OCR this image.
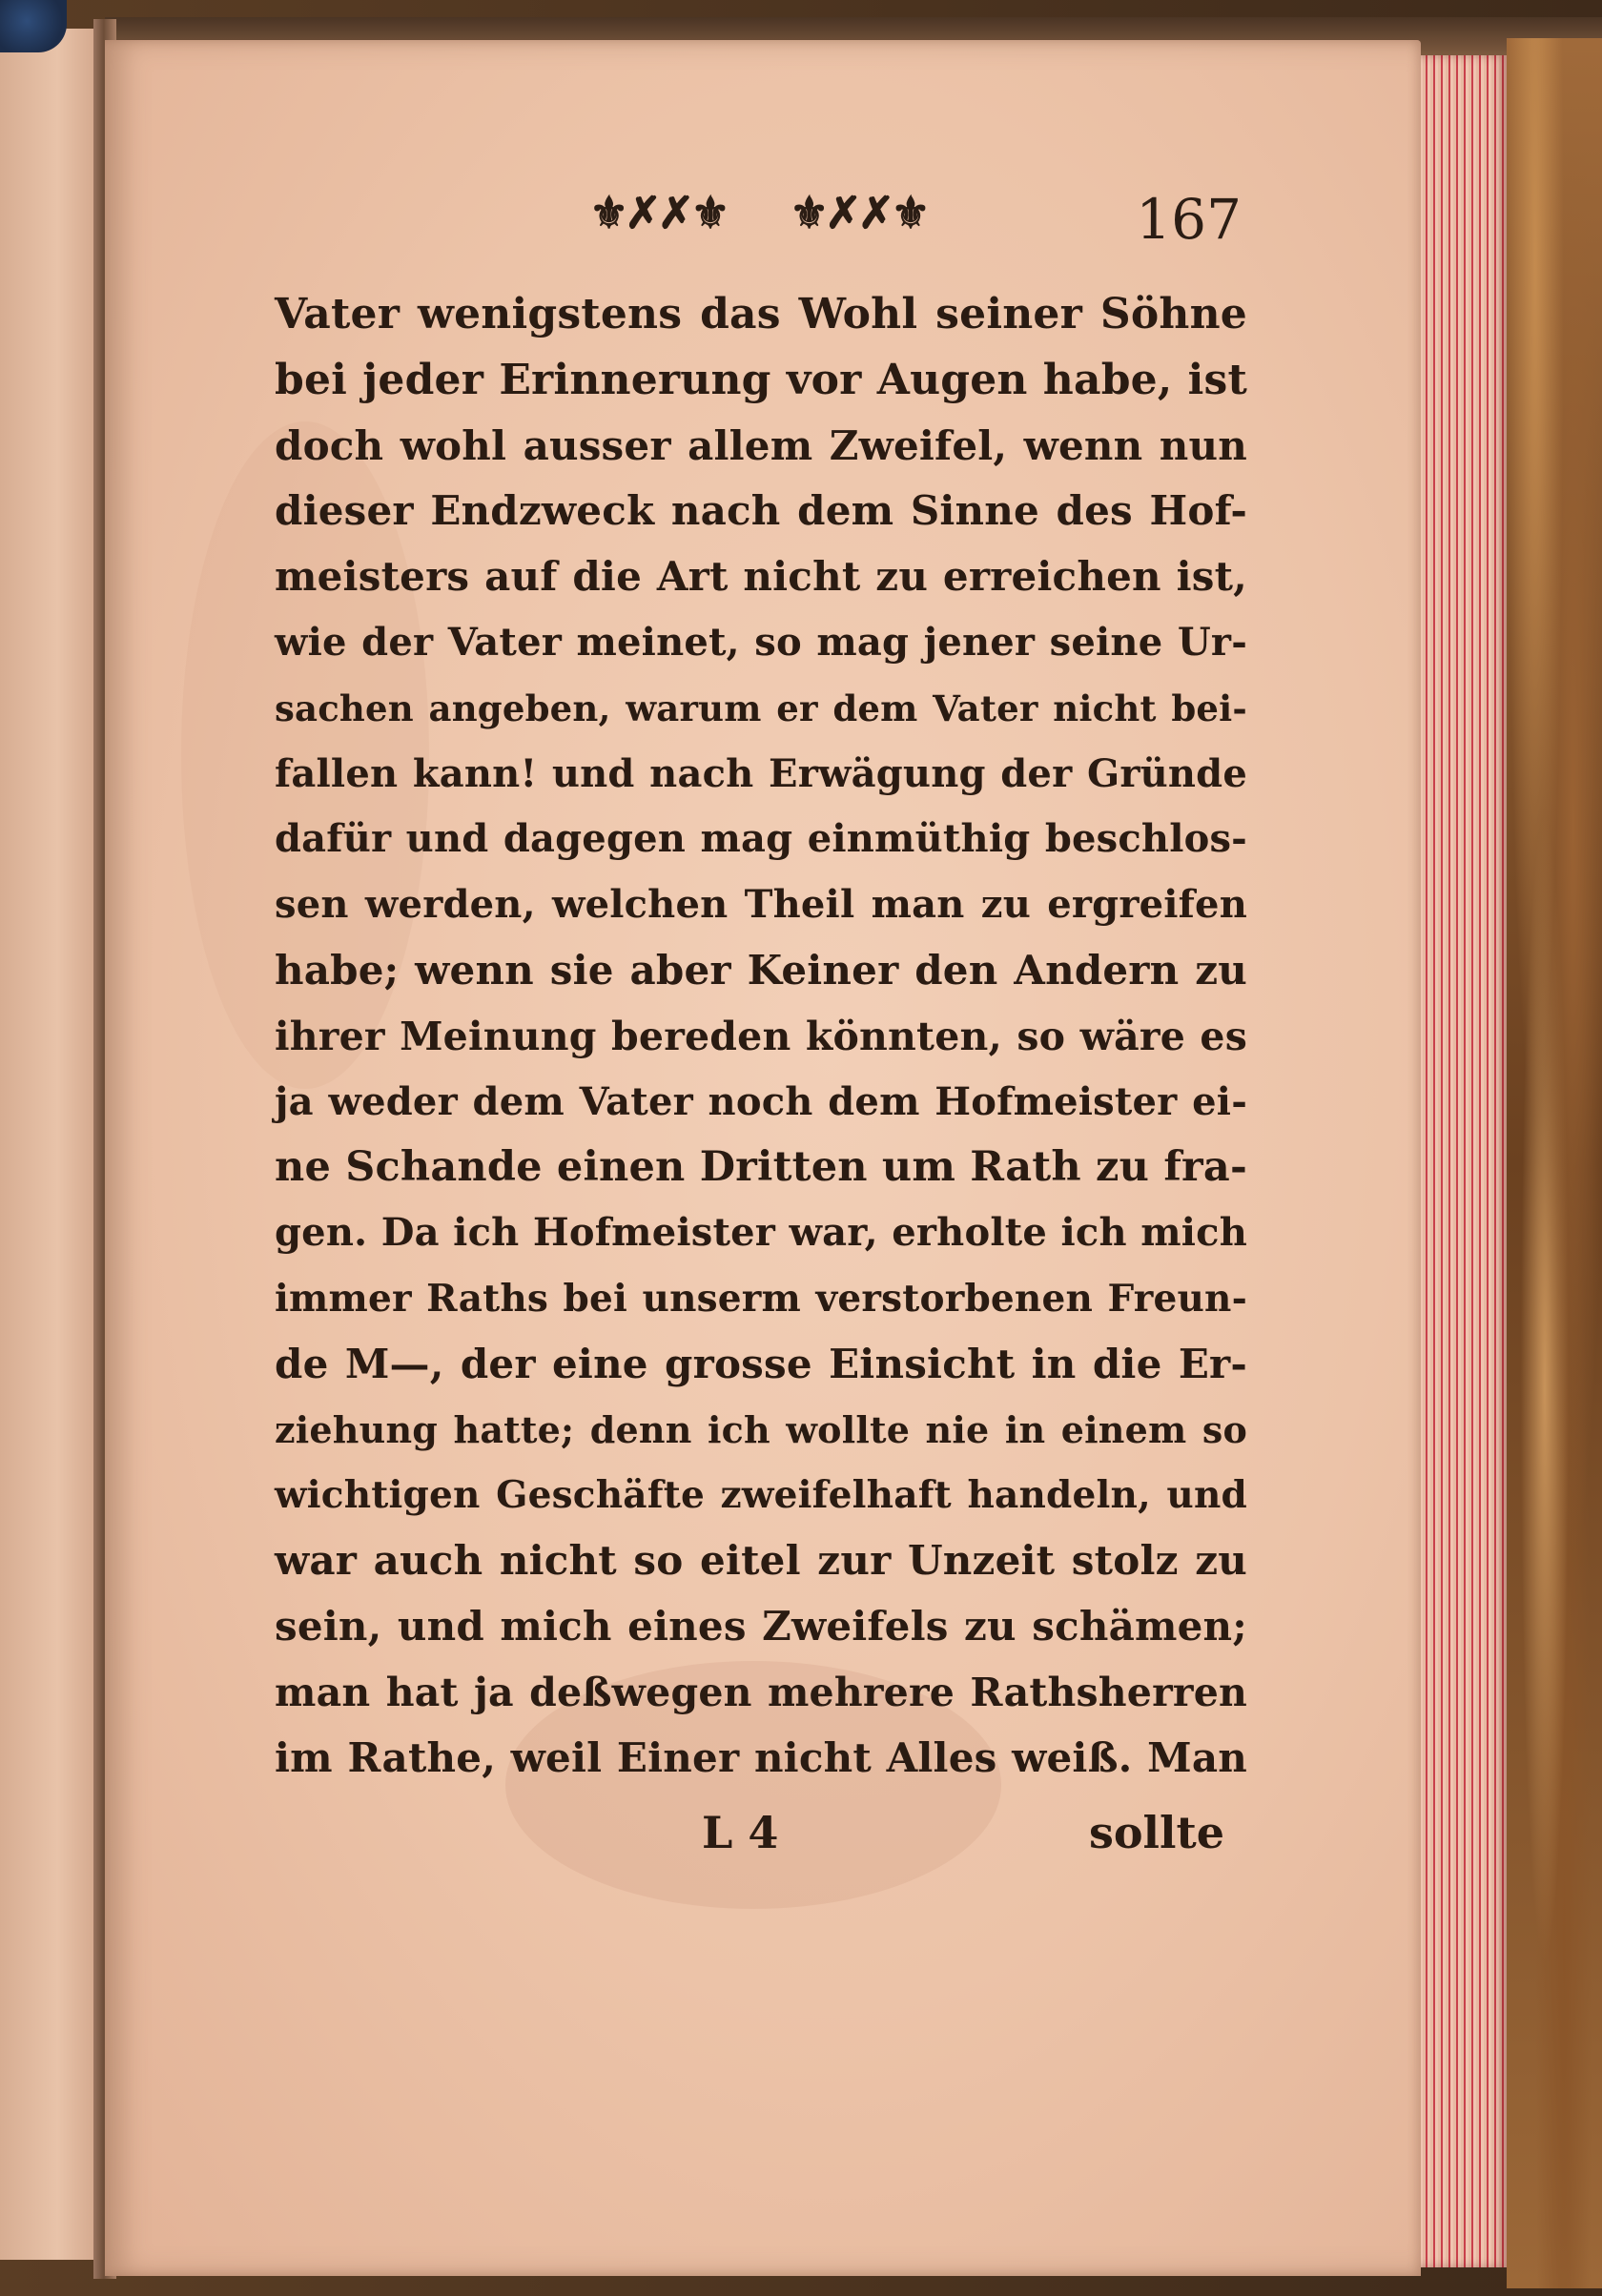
⚜✗✗⚜ ⚜✗✗⚜	167
Vater wenigstens das Wohl seiner Söhne
bei jeder Erinnerung vor Augen habe, ist
doch wohl ausser allem Zweifel, wenn nun
dieser Endzweck nach dem Sinne des Hof-
meisters auf die Art nicht zu erreichen ist,
wie der Vater meinet, so mag jener seine Ur-
sachen angeben, warum er dem Vater nicht bei-
fallen kann! und nach Erwägung der Gründe
dafür und dagegen mag einmüthig beschlos-
sen werden, welchen Theil man zu ergreifen
habe; wenn sie aber Keiner den Andern zu
ihrer Meinung bereden könnten, so wäre es
ja weder dem Vater noch dem Hofmeister ei-
ne Schande einen Dritten um Rath zu fra-
gen. Da ich Hofmeister war, erholte ich mich
immer Raths bei unserm verstorbenen Freun-
de M—, der eine grosse Einsicht in die Er-
ziehung hatte; denn ich wollte nie in einem so
wichtigen Geschäfte zweifelhaft handeln, und
war auch nicht so eitel zur Unzeit stolz zu
sein, und mich eines Zweifels zu schämen;
man hat ja deßwegen mehrere Rathsherren
im Rathe, weil Einer nicht Alles weiß. Man
L 4	sollte
